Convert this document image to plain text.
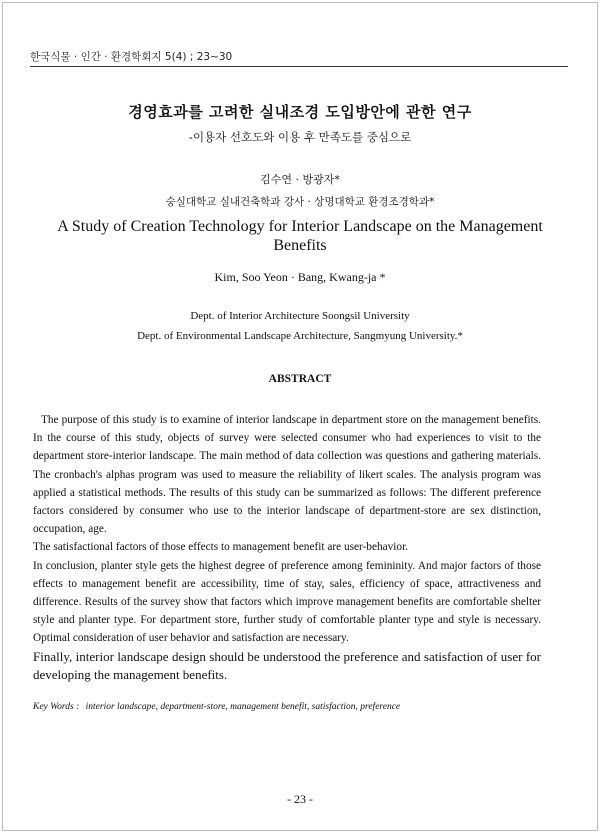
한국식물 · 인간 · 환경학회지 5(4) ; 23~30
경영효과를 고려한 실내조경 도입방안에 관한 연구
-이용자 선호도와 이용 후 만족도를 중심으로
김수연 · 방광자*
숭실대학교 실내건축학과 강사 · 상명대학교 환경조경학과*
A Study of Creation Technology for Interior Landscape on the Management
Benefits
Kim, Soo Yeon · Bang, Kwang-ja *
Dept. of Interior Architecture Soongsil University
Dept. of Environmental Landscape Architecture, Sangmyung University.*
ABSTRACT

The purpose of this study is to examine of interior landscape in department store on the management benefits. In the course of this study, objects of survey were selected consumer who had experiences to visit to the department store-interior landscape. The main method of data collection was questions and gathering materials. The cronbach's alphas program was used to measure the reliability of likert scales. The analysis program was applied a statistical methods. The results of this study can be summarized as follows: The different preference factors considered by consumer who use to the interior landscape of department-store are sex distinction, occupation, age.

The satisfactional factors of those effects to management benefit are user-behavior.

In conclusion, planter style gets the highest degree of preference among femininity. And major factors of those effects to management benefit are accessibility, time of stay, sales, efficiency of space, attractiveness and difference. Results of the survey show that factors which improve management benefits are comfortable shelter style and planter type. For department store, further study of comfortable planter type and style is necessary. Optimal consideration of user behavior and satisfaction are necessary.

Finally, interior landscape design should be understood the preference and satisfaction of user for developing the management benefits.

Key Words : interior landscape, department-store, management benefit, satisfaction, preference
- 23 -
